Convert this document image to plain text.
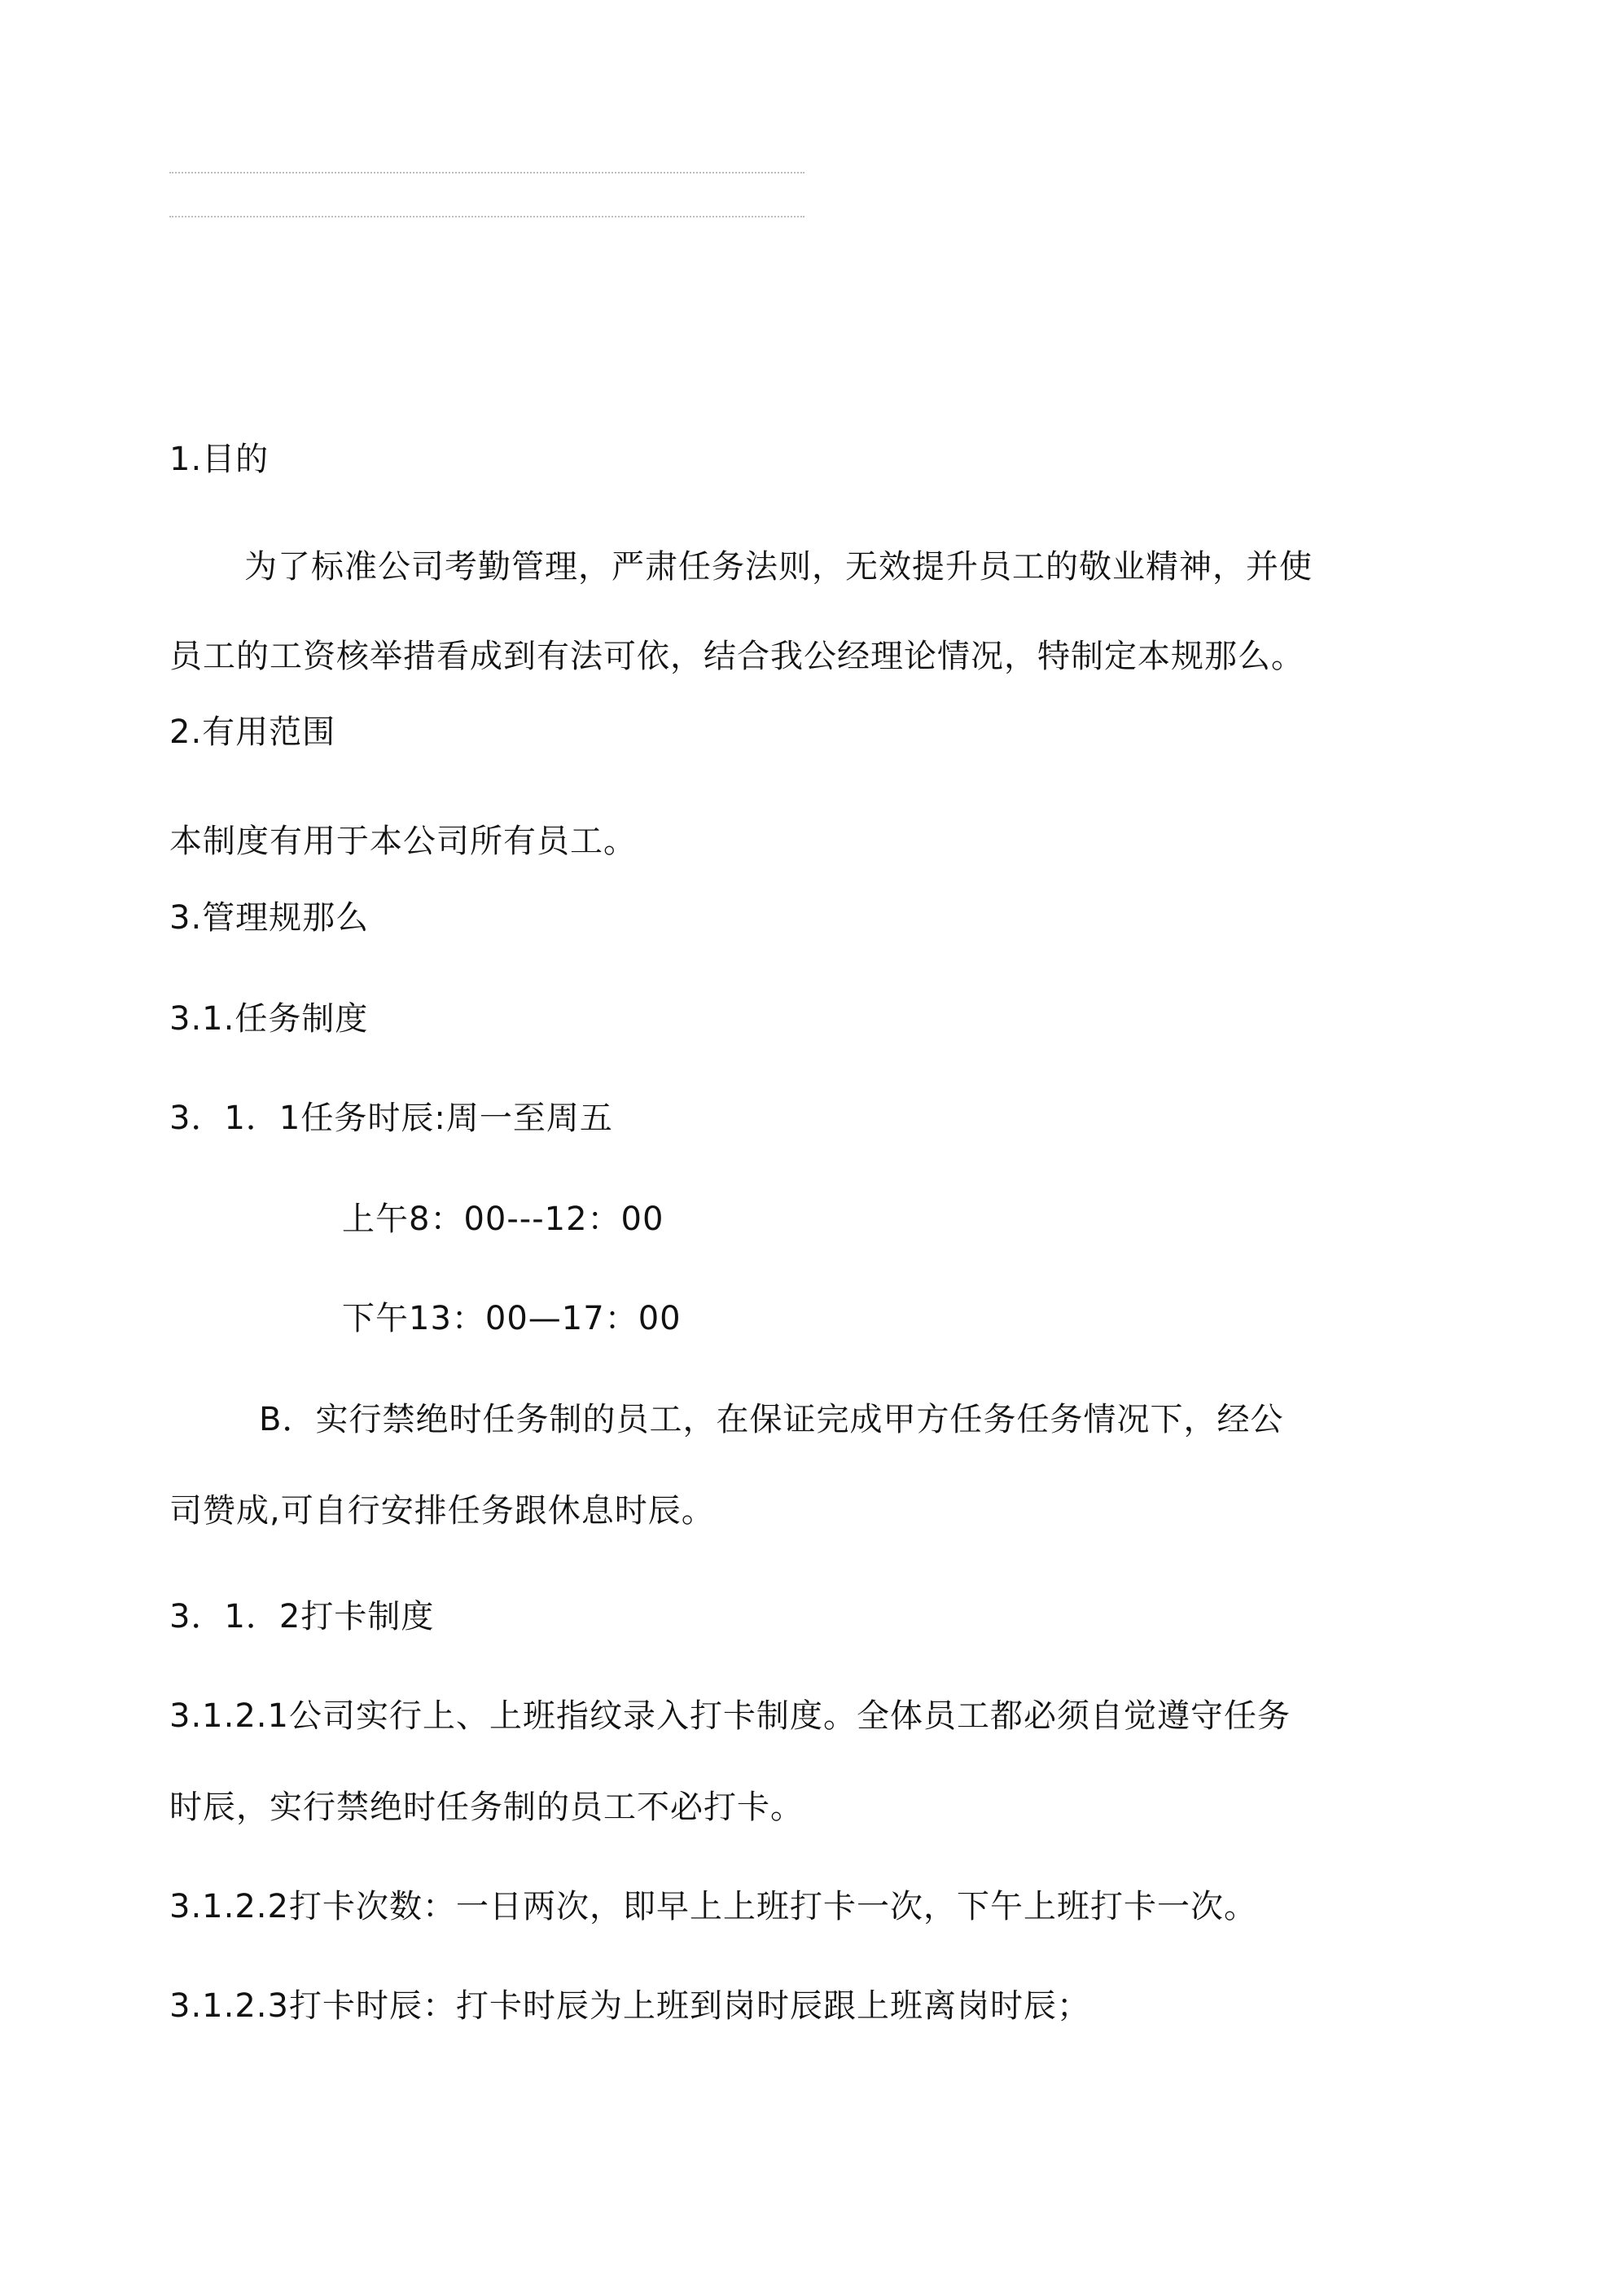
1.目的
为了标准公司考勤管理，严肃任务法则，无效提升员工的敬业精神，并使
员工的工资核举措看成到有法可依，结合我公经理论情况，特制定本规那么。
2.有用范围
本制度有用于本公司所有员工。
3.管理规那么
3.1.任务制度
3．1．1任务时辰:周一至周五
上午8：00---12：00
下午13：00—17：00
B．实行禁绝时任务制的员工，在保证完成甲方任务任务情况下，经公
司赞成,可自行安排任务跟休息时辰。
3．1．2打卡制度
3.1.2.1公司实行上、上班指纹录入打卡制度。全体员工都必须自觉遵守任务
时辰，实行禁绝时任务制的员工不必打卡。
3.1.2.2打卡次数：一日两次，即早上上班打卡一次，下午上班打卡一次。
3.1.2.3打卡时辰：打卡时辰为上班到岗时辰跟上班离岗时辰；
